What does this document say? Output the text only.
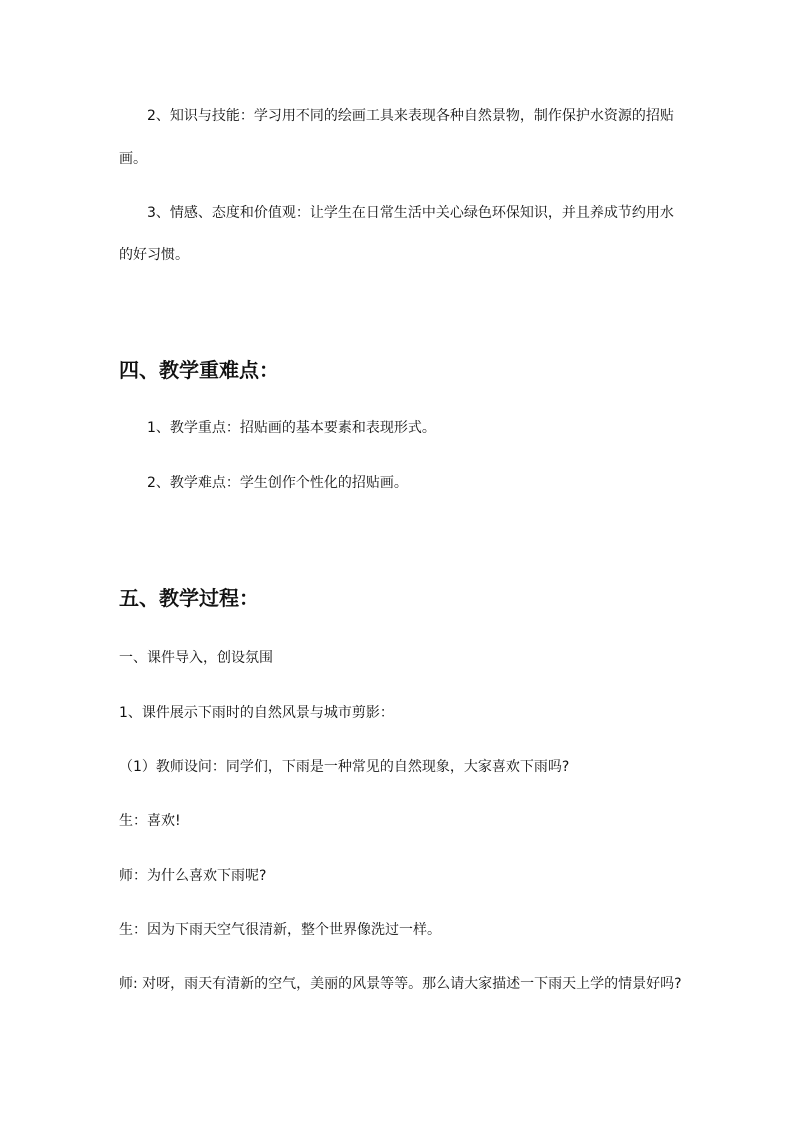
2、知识与技能：学习用不同的绘画工具来表现各种自然景物，制作保护水资源的招贴

画。

3、情感、态度和价值观：让学生在日常生活中关心绿色环保知识，并且养成节约用水

的好习惯。

四、教学重难点：

1、教学重点：招贴画的基本要素和表现形式。

2、教学难点：学生创作个性化的招贴画。

五、教学过程：

一、课件导入，创设氛围

1、课件展示下雨时的自然风景与城市剪影：

（1）教师设问：同学们，下雨是一种常见的自然现象，大家喜欢下雨吗?

生：喜欢!

师：为什么喜欢下雨呢?

生：因为下雨天空气很清新，整个世界像洗过一样。

师: 对呀，雨天有清新的空气，美丽的风景等等。那么请大家描述一下雨天上学的情景好吗?
